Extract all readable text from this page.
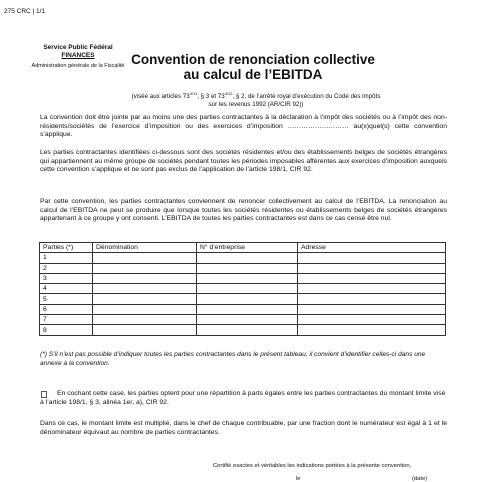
275 CRC | 1/1
Service Public Fédéral
FINANCES
Administration générale de la Fiscalité Convention de renonciation collective au calcul de l’EBITDA
(visée aux articles $73^{4/11}$, § 3 et $73^{4/12}$, § 2, de l’arrêté royal d’exécution du Code des impôts sur les revenus 1992 (AR/CIR 92))
La convention doit être jointe par au moins une des parties contractantes à la déclaration à l’impôt des sociétés ou à l’impôt des non-résidents/sociétés de l’exercice d’imposition ou des exercices d’imposition ……………………… au(x)quel(s) cette convention s’applique.
Les parties contractantes identifiées ci-dessous sont des sociétés résidentes et/ou des établissements belges de sociétés étrangères qui appartiennent au même groupe de sociétés pendant toutes les périodes imposables afférentes aux exercices d’imposition auxquels cette convention s’applique et ne sont pas exclus de l’application de l’article 198/1, CIR 92.
Par cette convention, les parties contractantes conviennent de renoncer collectivement au calcul de l’EBITDA. La renonciation au calcul de l’EBITDA ne peut se produire que lorsque toutes les sociétés résidentes ou établissements belges de sociétés étrangères appartenant à ce groupe y ont consenti. L’EBITDA de toutes les parties contractantes est dans ce cas censé être nul.
Parties (*)	Dénomination	N° d’entreprise	Adresse
1			
2			
3			
4			
5			
6			
7			
8			
(*) S’il n’est pas possible d’indiquer toutes les parties contractantes dans le présent tableau, il convient d’identifier celles-ci dans une annexe à la convention.
En cochant cette case, les parties optent pour une répartition à parts égales entre les parties contractantes du montant limite visé à l’article 198/1, § 3, alinéa 1er, a), CIR 92.
Dans ce cas, le montant limite est multiplié, dans le chef de chaque contribuable, par une fraction dont le numérateur est égal à 1 et le dénominateur équivaut au nombre de parties contractantes.
Certifié exactes et véritables les indications portées à la présente convention,
le	(date)
